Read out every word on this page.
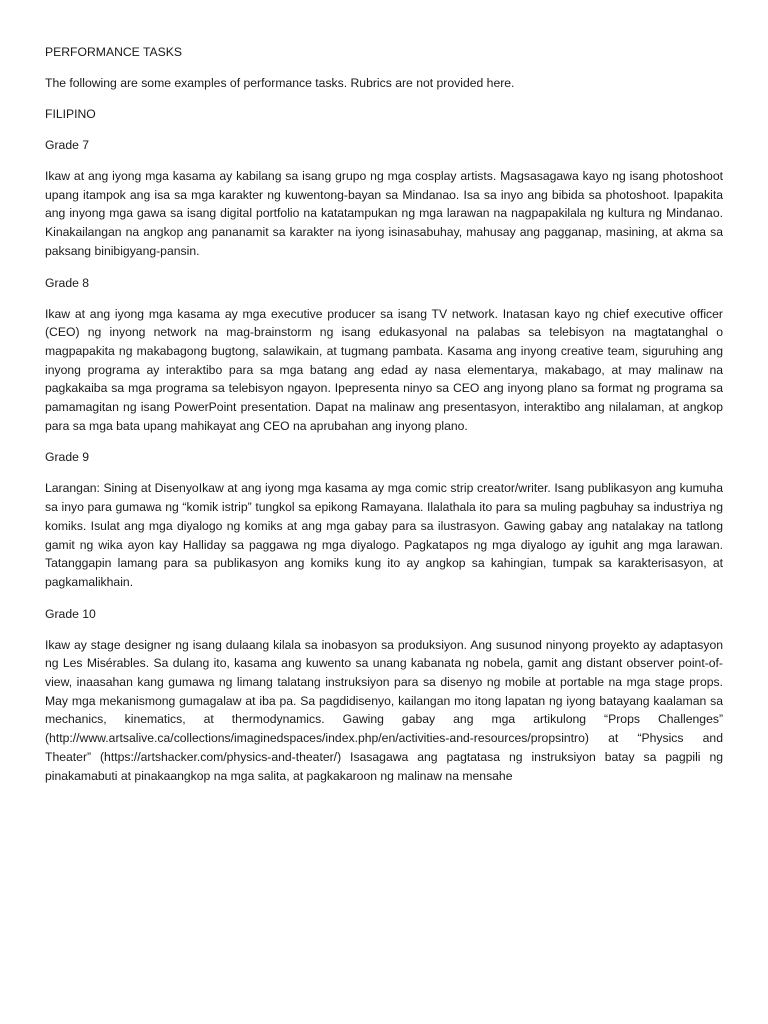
PERFORMANCE TASKS
The following are some examples of performance tasks. Rubrics are not provided here.
FILIPINO
Grade 7
Ikaw at ang iyong mga kasama ay kabilang sa isang grupo ng mga cosplay artists. Magsasagawa kayo ng isang photoshoot upang itampok ang isa sa mga karakter ng kuwentong-bayan sa Mindanao. Isa sa inyo ang bibida sa photoshoot. Ipapakita ang inyong mga gawa sa isang digital portfolio na katatampukan ng mga larawan na nagpapakilala ng kultura ng Mindanao. Kinakailangan na angkop ang pananamit sa karakter na iyong isinasabuhay, mahusay ang pagganap, masining, at akma sa paksang binibigyang-pansin.
Grade 8
Ikaw at ang iyong mga kasama ay mga executive producer sa isang TV network. Inatasan kayo ng chief executive officer (CEO) ng inyong network na mag-brainstorm ng isang edukasyonal na palabas sa telebisyon na magtatanghal o magpapakita ng makabagong bugtong, salawikain, at tugmang pambata. Kasama ang inyong creative team, siguruhing ang inyong programa ay interaktibo para sa mga batang ang edad ay nasa elementarya, makabago, at may malinaw na pagkakaiba sa mga programa sa telebisyon ngayon. Ipepresenta ninyo sa CEO ang inyong plano sa format ng programa sa pamamagitan ng isang PowerPoint presentation. Dapat na malinaw ang presentasyon, interaktibo ang nilalaman, at angkop para sa mga bata upang mahikayat ang CEO na aprubahan ang inyong plano.
Grade 9
Larangan: Sining at DisenyoIkaw at ang iyong mga kasama ay mga comic strip creator/writer. Isang publikasyon ang kumuha sa inyo para gumawa ng “komik istrip” tungkol sa epikong Ramayana. Ilalathala ito para sa muling pagbuhay sa industriya ng komiks. Isulat ang mga diyalogo ng komiks at ang mga gabay para sa ilustrasyon. Gawing gabay ang natalakay na tatlong gamit ng wika ayon kay Halliday sa paggawa ng mga diyalogo. Pagkatapos ng mga diyalogo ay iguhit ang mga larawan. Tatanggapin lamang para sa publikasyon ang komiks kung ito ay angkop sa kahingian, tumpak sa karakterisasyon, at pagkamalikhain.
Grade 10
Ikaw ay stage designer ng isang dulaang kilala sa inobasyon sa produksiyon. Ang susunod ninyong proyekto ay adaptasyon ng Les Misérables. Sa dulang ito, kasama ang kuwento sa unang kabanata ng nobela, gamit ang distant observer point-of-view, inaasahan kang gumawa ng limang talatang instruksiyon para sa disenyo ng mobile at portable na mga stage props. May mga mekanismong gumagalaw at iba pa. Sa pagdidisenyo, kailangan mo itong lapatan ng iyong batayang kaalaman sa mechanics, kinematics, at thermodynamics. Gawing gabay ang mga artikulong “Props Challenges” (http://www.artsalive.ca/collections/imaginedspaces/index.php/en/activities-and-resources/propsintro) at “Physics and Theater” (https://artshacker.com/physics-and-theater/) Isasagawa ang pagtatasa ng instruksiyon batay sa pagpili ng pinakamabuti at pinakaangkop na mga salita, at pagkakaroon ng malinaw na mensahe
